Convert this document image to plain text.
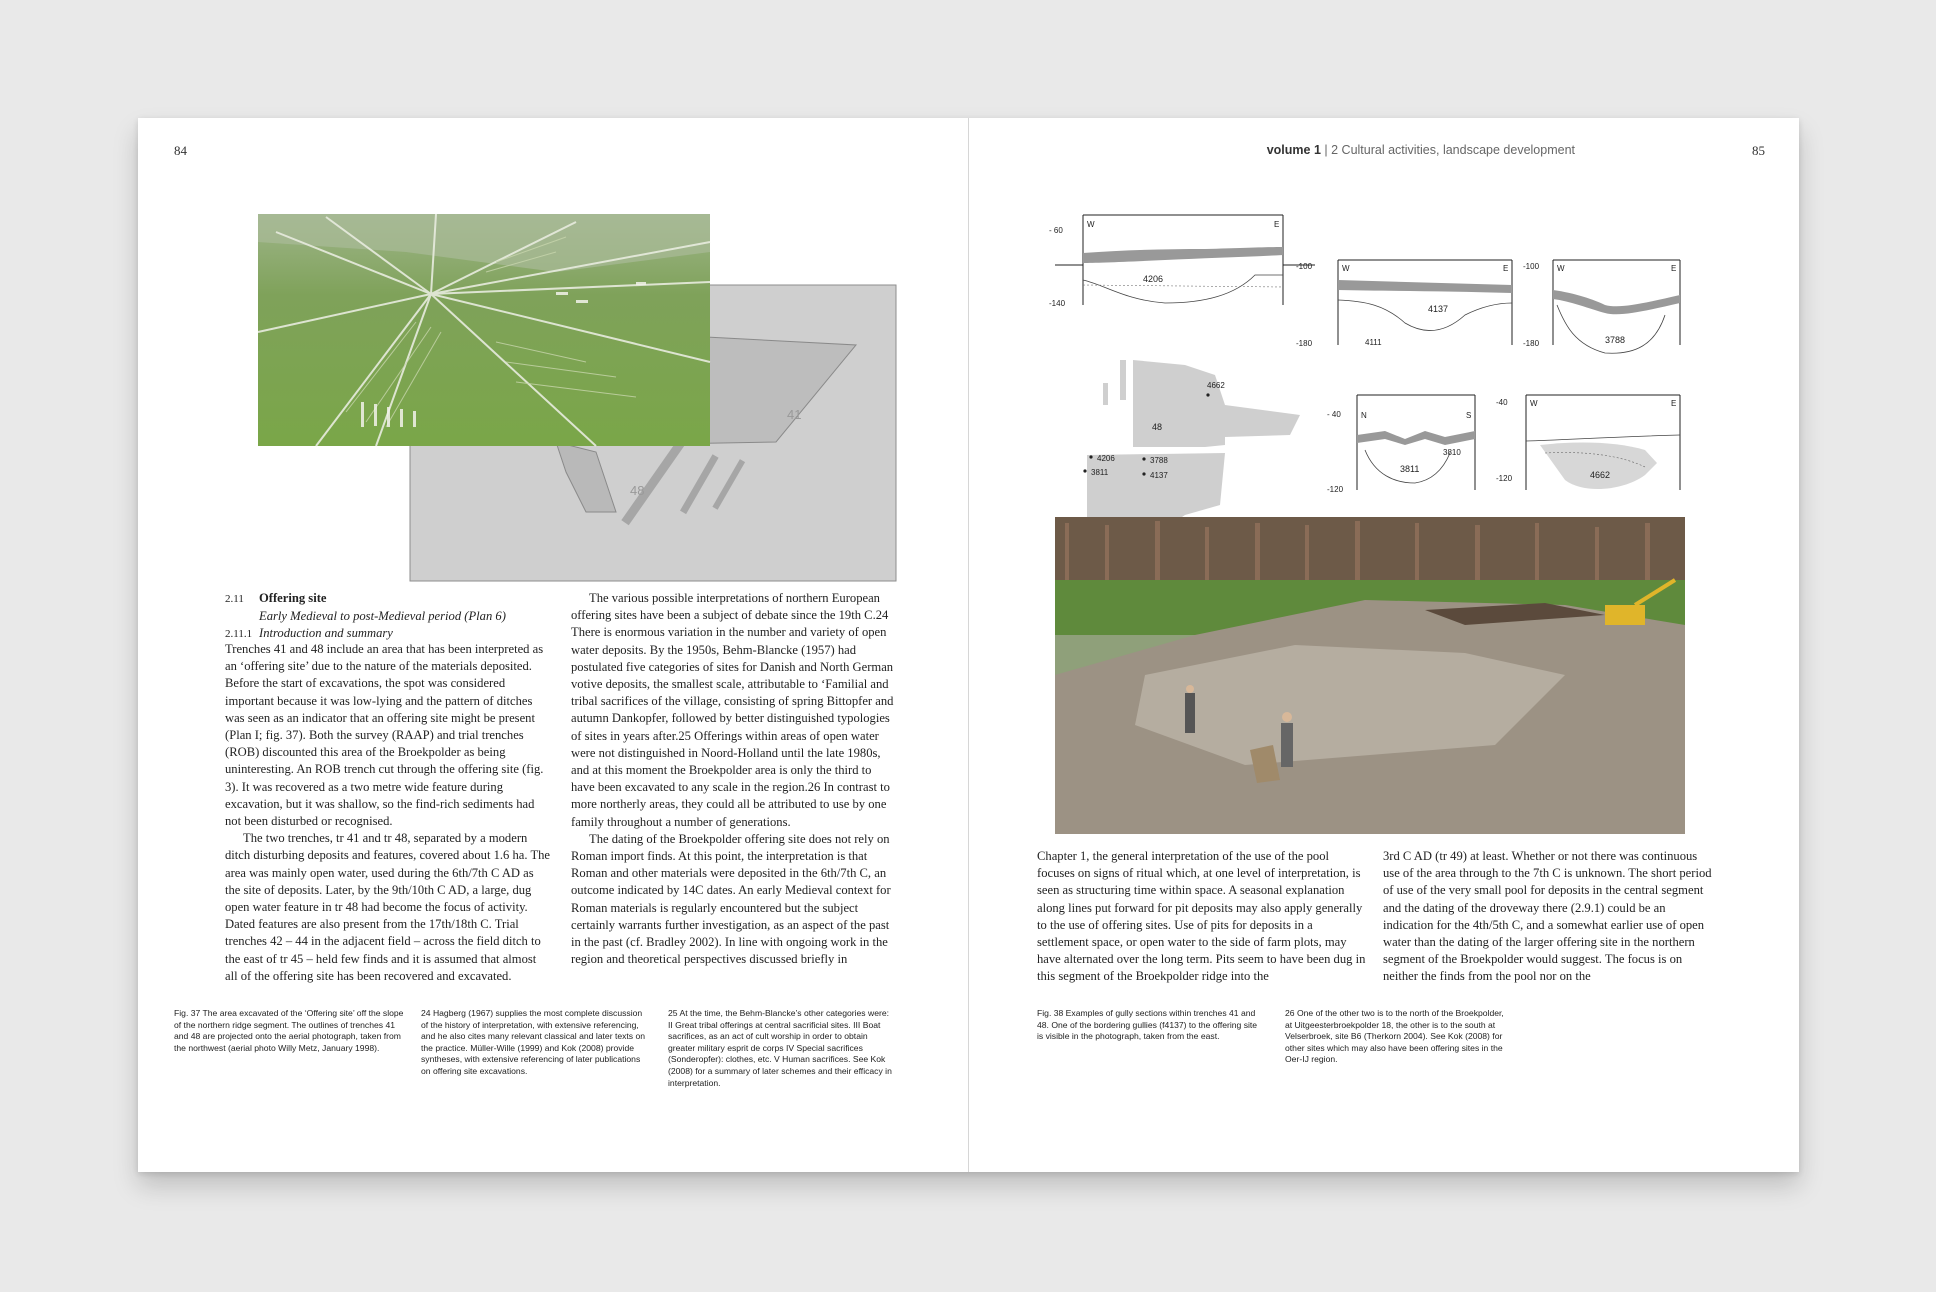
84
41
48
2.11 Offering site
Early Medieval to post-Medieval period (Plan 6)
2.11.1 Introduction and summary

Trenches 41 and 48 include an area that has been interpreted as an ‘offering site’ due to the nature of the materials deposited. Before the start of excavations, the spot was considered important because it was low-lying and the pattern of ditches was seen as an indicator that an offering site might be present (Plan I; fig. 37). Both the survey (RAAP) and trial trenches (ROB) discounted this area of the Broekpolder as being uninteresting. An ROB trench cut through the offering site (fig. 3). It was recovered as a two metre wide feature during excavation, but it was shallow, so the find-rich sediments had not been disturbed or recognised.

The two trenches, tr 41 and tr 48, separated by a modern ditch disturbing deposits and features, covered about 1.6 ha. The area was mainly open water, used during the 6th/7th C AD as the site of deposits. Later, by the 9th/10th C AD, a large, dug open water feature in tr 48 had become the focus of activity. Dated features are also present from the 17th/18th C. Trial trenches 42 – 44 in the adjacent field – across the field ditch to the east of tr 45 – held few finds and it is assumed that almost all of the offering site has been recovered and excavated.

The various possible interpretations of northern European offering sites have been a subject of debate since the 19th C.24 There is enormous variation in the number and variety of open water deposits. By the 1950s, Behm-Blancke (1957) had postulated five categories of sites for Danish and North German votive deposits, the smallest scale, attributable to ‘Familial and tribal sacrifices of the village, consisting of spring Bittopfer and autumn Dankopfer, followed by better distinguished typologies of sites in years after.25 Offerings within areas of open water were not distinguished in Noord-Holland until the late 1980s, and at this moment the Broekpolder area is only the third to have been excavated to any scale in the region.26 In contrast to more northerly areas, they could all be attributed to use by one family throughout a number of generations.

The dating of the Broekpolder offering site does not rely on Roman import finds. At this point, the interpretation is that Roman and other materials were deposited in the 6th/7th C, an outcome indicated by 14C dates. An early Medieval context for Roman materials is regularly encountered but the subject certainly warrants further investigation, as an aspect of the past in the past (cf. Bradley 2002). In line with ongoing work in the region and theoretical perspectives discussed briefly in

Fig. 37 The area excavated of the ‘Offering site’ off the slope of the northern ridge segment. The outlines of trenches 41 and 48 are projected onto the aerial photograph, taken from the northwest (aerial photo Willy Metz, January 1998).
24 Hagberg (1967) supplies the most complete discussion of the history of interpretation, with extensive referencing, and he also cites many relevant classical and later texts on the practice. Müller-Wille (1999) and Kok (2008) provide syntheses, with extensive referencing of later publications on offering site excavations.
25 At the time, the Behm-Blancke’s other categories were: II Great tribal offerings at central sacrificial sites. III Boat sacrifices, as an act of cult worship in order to obtain greater military esprit de corps IV Special sacrifices (Sonderopfer): clothes, etc. V Human sacrifices. See Kok (2008) for a summary of later schemes and their efficacy in interpretation.
volume 1 | 2 Cultural activities, landscape development	85
- 60
-140
W	E
4206
-100
-180
W	E
4137
4111
-100
-180
W	E
3788
4662
48
4206
3811
3788
4137
- 40
-120
N	S
3811
3810
-40
-120
W	E
4662
Chapter 1, the general interpretation of the use of the pool focuses on signs of ritual which, at one level of interpretation, is seen as structuring time within space. A seasonal explanation along lines put forward for pit deposits may also apply generally to the use of offering sites. Use of pits for deposits in a settlement space, or open water to the side of farm plots, may have alternated over the long term. Pits seem to have been dug in this segment of the Broekpolder ridge into the
3rd C AD (tr 49) at least. Whether or not there was continuous use of the area through to the 7th C is unknown. The short period of use of the very small pool for deposits in the central segment and the dating of the droveway there (2.9.1) could be an indication for the 4th/5th C, and a somewhat earlier use of open water than the dating of the larger offering site in the northern segment of the Broekpolder would suggest. The focus is on neither the finds from the pool nor on the
Fig. 38 Examples of gully sections within trenches 41 and 48. One of the bordering gullies (f4137) to the offering site is visible in the photograph, taken from the east.
26 One of the other two is to the north of the Broekpolder, at Uitgeesterbroekpolder 18, the other is to the south at Velserbroek, site B6 (Therkorn 2004). See Kok (2008) for other sites which may also have been offering sites in the Oer-IJ region.
